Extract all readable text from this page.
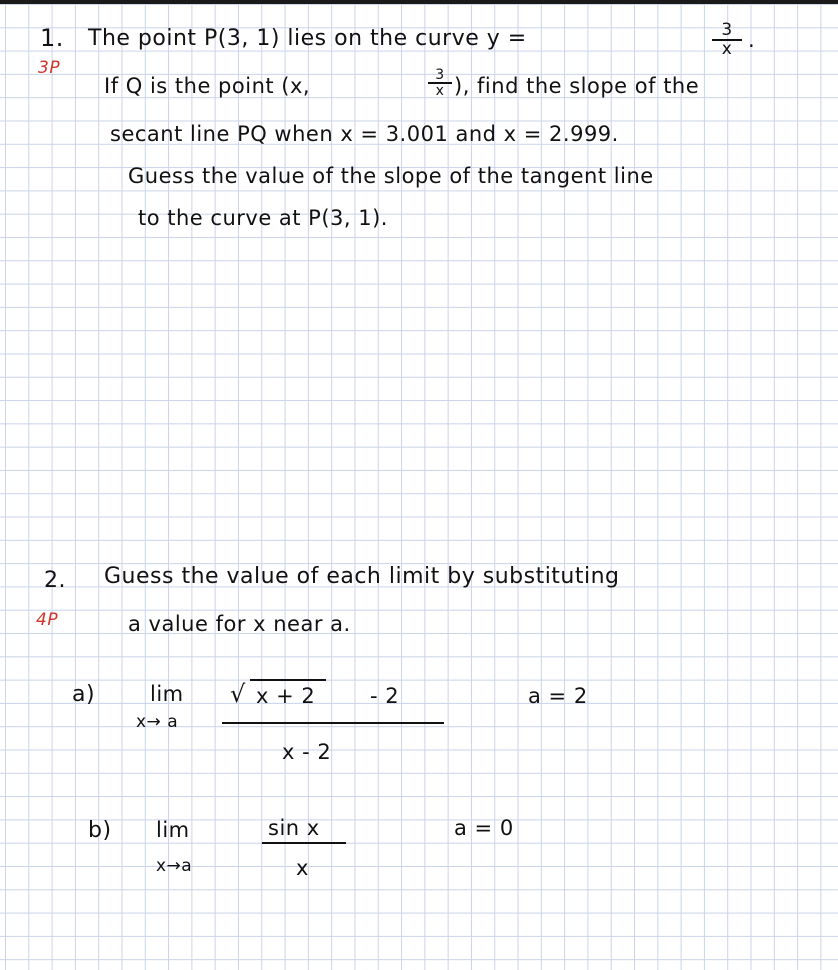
1.
3P
The point P(3, 1) lies on the curve y =	$\frac{3}{x}$ .
If Q is the point (x,	$\frac{3}{x}$ ), find the slope of the
secant line PQ when x = 3.001 and x = 2.999.
Guess the value of the slope of the tangent line
to the curve at P(3, 1).
2.
4P
Guess the value of each limit by substituting
a value for x near a.
a)	lim
x→ a
√ x + 2	- 2
x - 2
a = 2
b) lim
x→a
sin x
x
a = 0
